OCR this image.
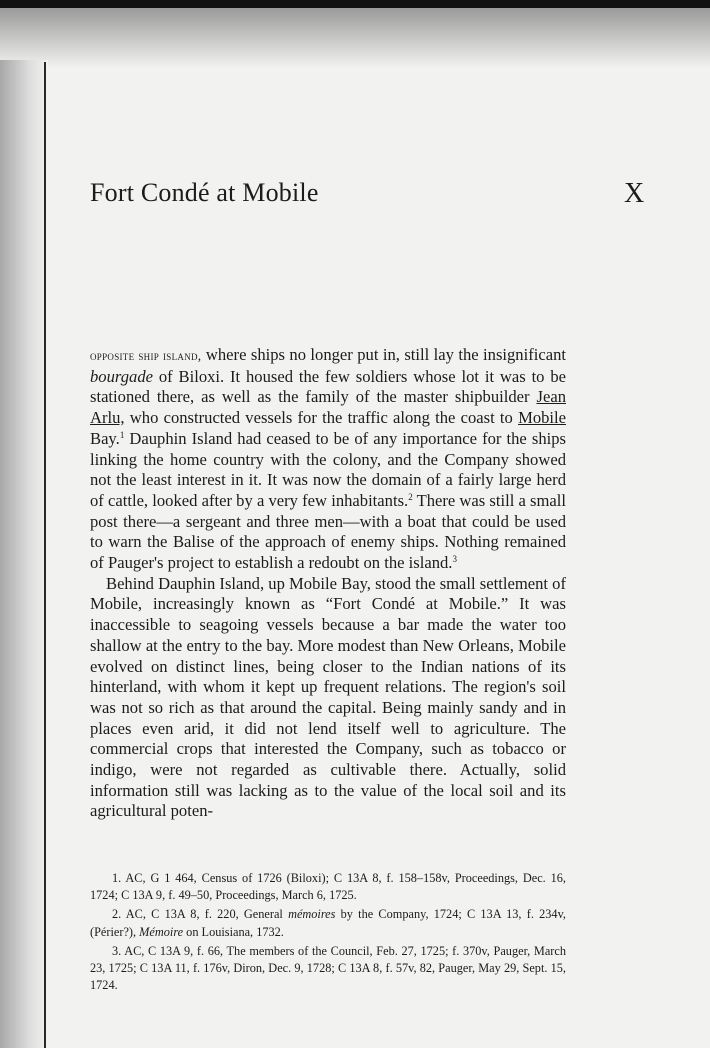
Fort Condé at Mobile	X

opposite ship island, where ships no longer put in, still lay the insignificant bourgade of Biloxi. It housed the few soldiers whose lot it was to be stationed there, as well as the family of the master shipbuilder Jean Arlu, who constructed vessels for the traffic along the coast to Mobile Bay.$^1$ Dauphin Island had ceased to be of any importance for the ships linking the home country with the colony, and the Company showed not the least interest in it. It was now the domain of a fairly large herd of cattle, looked after by a very few inhabitants.$^2$ There was still a small post there—a sergeant and three men—with a boat that could be used to warn the Balise of the approach of enemy ships. Nothing remained of Pauger's project to establish a redoubt on the island.$^3$

Behind Dauphin Island, up Mobile Bay, stood the small settlement of Mobile, increasingly known as “Fort Condé at Mobile.” It was inaccessible to seagoing vessels because a bar made the water too shallow at the entry to the bay. More modest than New Orleans, Mobile evolved on distinct lines, being closer to the Indian nations of its hinterland, with whom it kept up frequent relations. The region's soil was not so rich as that around the capital. Being mainly sandy and in places even arid, it did not lend itself well to agriculture. The commercial crops that interested the Company, such as tobacco or indigo, were not regarded as cultivable there. Actually, solid information still was lacking as to the value of the local soil and its agricultural poten-

1. AC, G 1 464, Census of 1726 (Biloxi); C 13A 8, f. 158–158v, Proceedings, Dec. 16, 1724; C 13A 9, f. 49–50, Proceedings, March 6, 1725.

2. AC, C 13A 8, f. 220, General mémoires by the Company, 1724; C 13A 13, f. 234v, (Périer?), Mémoire on Louisiana, 1732.

3. AC, C 13A 9, f. 66, The members of the Council, Feb. 27, 1725; f. 370v, Pauger, March 23, 1725; C 13A 11, f. 176v, Diron, Dec. 9, 1728; C 13A 8, f. 57v, 82, Pauger, May 29, Sept. 15, 1724.
